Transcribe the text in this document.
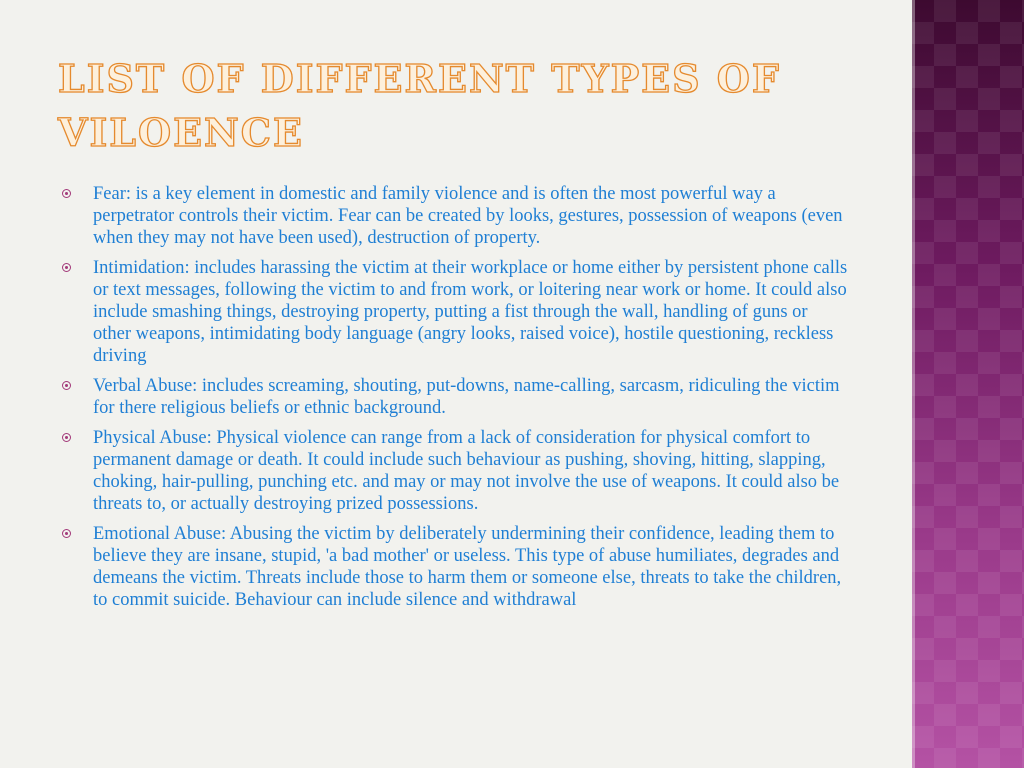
LIST OF DIFFERENT TYPES OF VILOENCE
Fear: is a key element in domestic and family violence and is often the most powerful way a perpetrator controls their victim. Fear can be created by looks, gestures, possession of weapons (even when they may not have been used), destruction of property.
Intimidation: includes harassing the victim at their workplace or home either by persistent phone calls or text messages, following the victim to and from work, or loitering near work or home. It could also include smashing things, destroying property, putting a fist through the wall, handling of guns or other weapons, intimidating body language (angry looks, raised voice), hostile questioning, reckless driving
Verbal Abuse: includes screaming, shouting, put-downs, name-calling, sarcasm, ridiculing the victim for there religious beliefs or ethnic background.
Physical Abuse: Physical violence can range from a lack of consideration for physical comfort to permanent damage or death. It could include such behaviour as pushing, shoving, hitting, slapping, choking, hair-pulling, punching etc. and may or may not involve the use of weapons. It could also be threats to, or actually destroying prized possessions.
Emotional Abuse: Abusing the victim by deliberately undermining their confidence, leading them to believe they are insane, stupid, 'a bad mother' or useless. This type of abuse humiliates, degrades and demeans the victim. Threats include those to harm them or someone else, threats to take the children, to commit suicide. Behaviour can include silence and withdrawal
